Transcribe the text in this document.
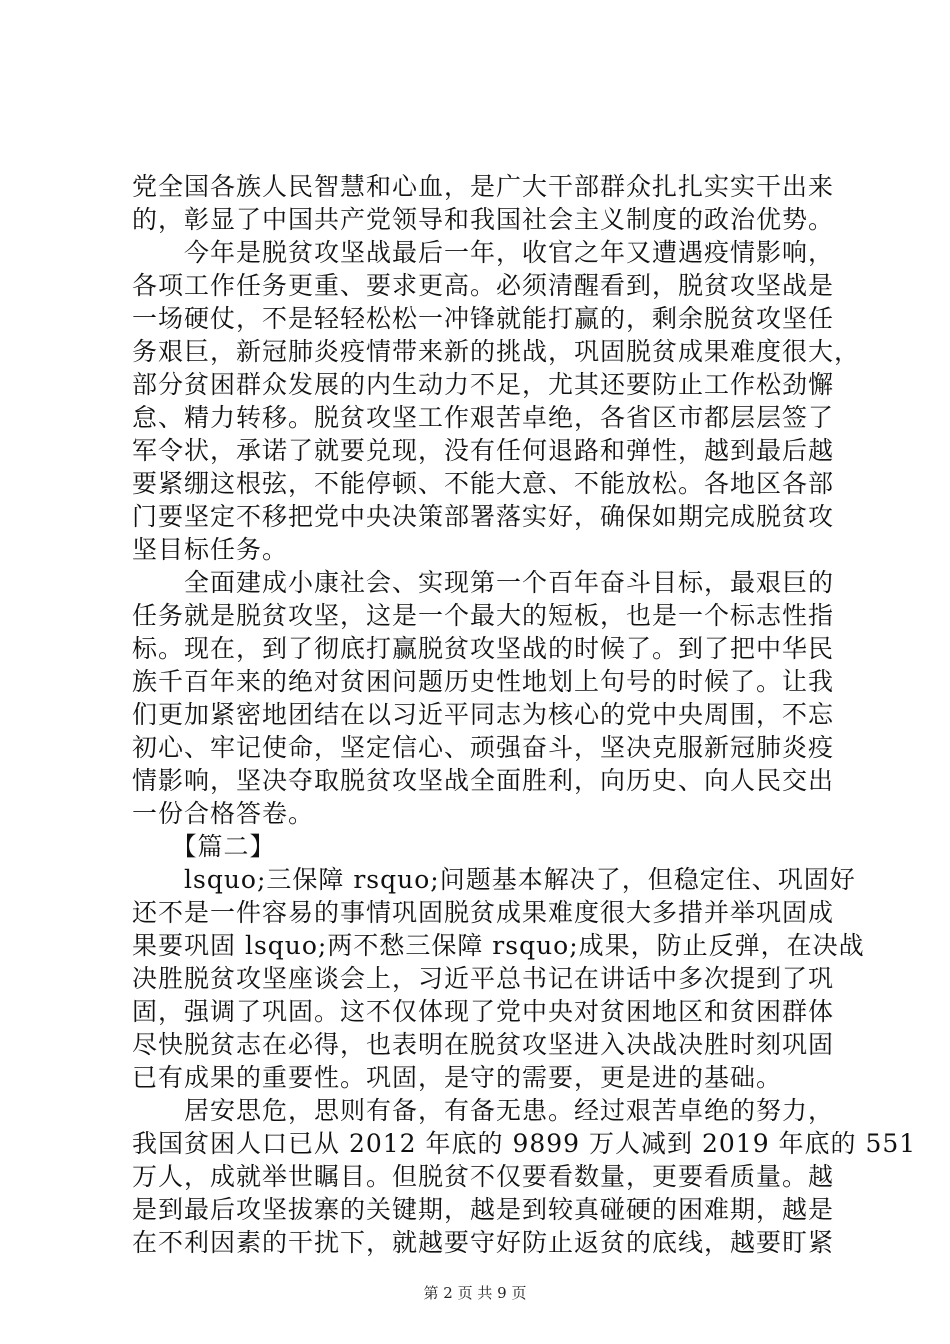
党全国各族人民智慧和心血，是广大干部群众扎扎实实干出来
的，彰显了中国共产党领导和我国社会主义制度的政治优势。
　　今年是脱贫攻坚战最后一年，收官之年又遭遇疫情影响，
各项工作任务更重、要求更高。必须清醒看到，脱贫攻坚战是
一场硬仗，不是轻轻松松一冲锋就能打赢的，剩余脱贫攻坚任
务艰巨，新冠肺炎疫情带来新的挑战，巩固脱贫成果难度很大，
部分贫困群众发展的内生动力不足，尤其还要防止工作松劲懈
怠、精力转移。脱贫攻坚工作艰苦卓绝，各省区市都层层签了
军令状，承诺了就要兑现，没有任何退路和弹性，越到最后越
要紧绷这根弦，不能停顿、不能大意、不能放松。各地区各部
门要坚定不移把党中央决策部署落实好，确保如期完成脱贫攻
坚目标任务。
　　全面建成小康社会、实现第一个百年奋斗目标，最艰巨的
任务就是脱贫攻坚，这是一个最大的短板，也是一个标志性指
标。现在，到了彻底打赢脱贫攻坚战的时候了。到了把中华民
族千百年来的绝对贫困问题历史性地划上句号的时候了。让我
们更加紧密地团结在以习近平同志为核心的党中央周围，不忘
初心、牢记使命，坚定信心、顽强奋斗，坚决克服新冠肺炎疫
情影响，坚决夺取脱贫攻坚战全面胜利，向历史、向人民交出
一份合格答卷。
　　【篇二】
　　lsquo;三保障 rsquo;问题基本解决了，但稳定住、巩固好
还不是一件容易的事情巩固脱贫成果难度很大多措并举巩固成
果要巩固 lsquo;两不愁三保障 rsquo;成果，防止反弹，在决战
决胜脱贫攻坚座谈会上，习近平总书记在讲话中多次提到了巩
固，强调了巩固。这不仅体现了党中央对贫困地区和贫困群体
尽快脱贫志在必得，也表明在脱贫攻坚进入决战决胜时刻巩固
已有成果的重要性。巩固，是守的需要，更是进的基础。
　　居安思危，思则有备，有备无患。经过艰苦卓绝的努力，
我国贫困人口已从 2012 年底的 9899 万人减到 2019 年底的 551
万人，成就举世瞩目。但脱贫不仅要看数量，更要看质量。越
是到最后攻坚拔寨的关键期，越是到较真碰硬的困难期，越是
在不利因素的干扰下，就越要守好防止返贫的底线，越要盯紧
第 2 页 共 9 页
